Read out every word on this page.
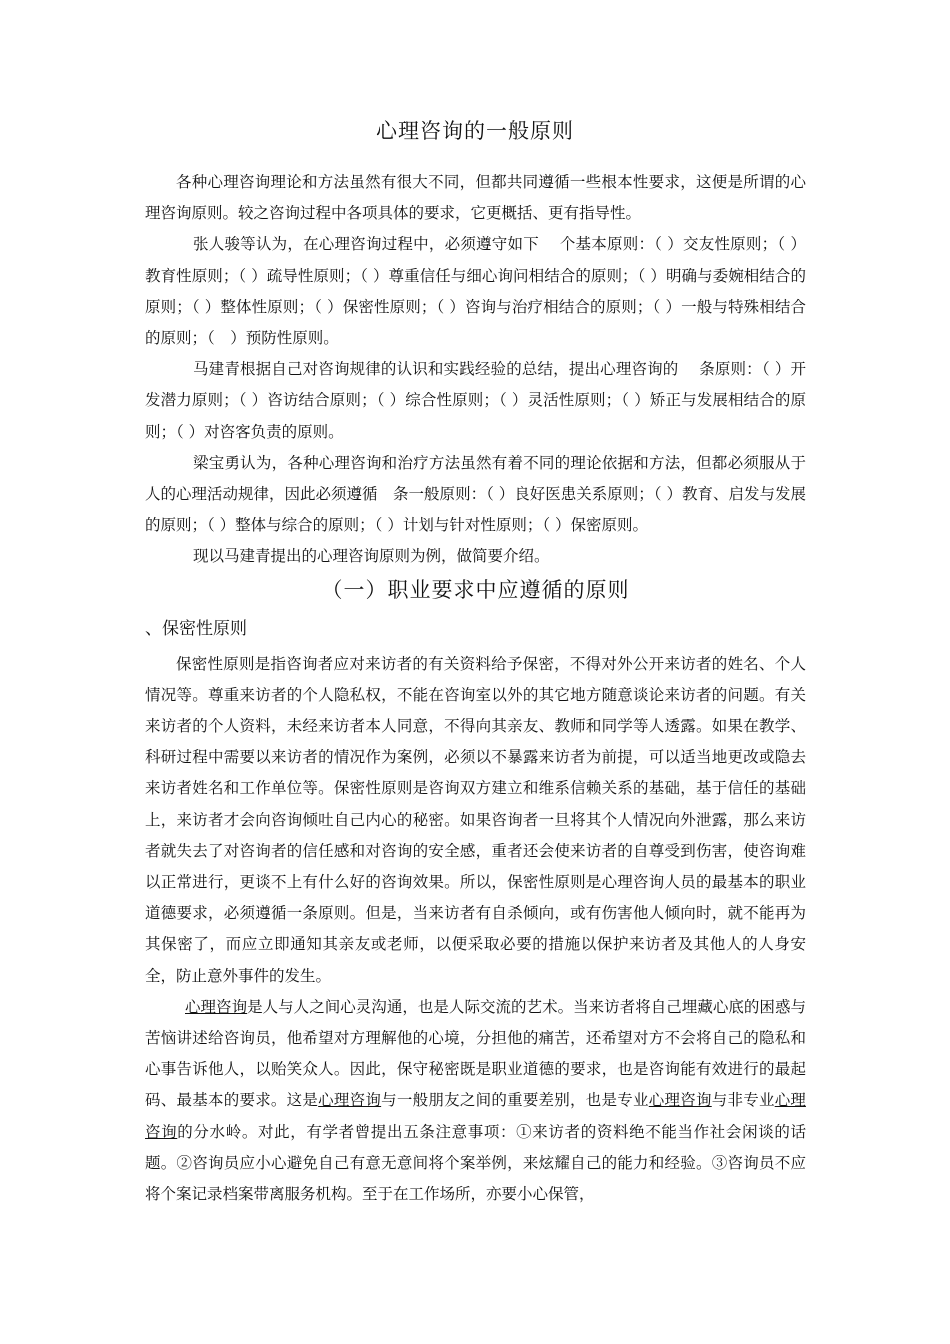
心理咨询的一般原则

各种心理咨询理论和方法虽然有很大不同，但都共同遵循一些根本性要求，这便是所谓的心理咨询原则。较之咨询过程中各项具体的要求，它更概括、更有指导性。

张人骏等认为，在心理咨询过程中，必须遵守如下　 个基本原则：（ ）交友性原则；（ ）教育性原则；（ ）疏导性原则；（ ）尊重信任与细心询问相结合的原则；（ ）明确与委婉相结合的原则；（ ）整体性原则；（ ）保密性原则；（ ）咨询与治疗相结合的原则；（ ）一般与特殊相结合的原则；（　）预防性原则。

马建青根据自己对咨询规律的认识和实践经验的总结，提出心理咨询的　 条原则：（ ）开发潜力原则；（ ）咨访结合原则；（ ）综合性原则；（ ）灵活性原则；（ ）矫正与发展相结合的原则；（ ）对咨客负责的原则。

梁宝勇认为，各种心理咨询和治疗方法虽然有着不同的理论依据和方法，但都必须服从于人的心理活动规律，因此必须遵循　条一般原则：（ ）良好医患关系原则；（ ）教育、启发与发展的原则；（ ）整体与综合的原则；（ ）计划与针对性原则；（ ）保密原则。

现以马建青提出的心理咨询原则为例，做简要介绍。

（一）职业要求中应遵循的原则

、保密性原则

保密性原则是指咨询者应对来访者的有关资料给予保密，不得对外公开来访者的姓名、个人情况等。尊重来访者的个人隐私权，不能在咨询室以外的其它地方随意谈论来访者的问题。有关来访者的个人资料，未经来访者本人同意，不得向其亲友、教师和同学等人透露。如果在教学、科研过程中需要以来访者的情况作为案例，必须以不暴露来访者为前提，可以适当地更改或隐去来访者姓名和工作单位等。保密性原则是咨询双方建立和维系信赖关系的基础，基于信任的基础上，来访者才会向咨询倾吐自己内心的秘密。如果咨询者一旦将其个人情况向外泄露，那么来访者就失去了对咨询者的信任感和对咨询的安全感，重者还会使来访者的自尊受到伤害，使咨询难以正常进行，更谈不上有什么好的咨询效果。所以，保密性原则是心理咨询人员的最基本的职业道德要求，必须遵循一条原则。但是，当来访者有自杀倾向，或有伤害他人倾向时，就不能再为其保密了，而应立即通知其亲友或老师，以便采取必要的措施以保护来访者及其他人的人身安全，防止意外事件的发生。

心理咨询是人与人之间心灵沟通，也是人际交流的艺术。当来访者将自己埋藏心底的困惑与苦恼讲述给咨询员，他希望对方理解他的心境，分担他的痛苦，还希望对方不会将自己的隐私和心事告诉他人，以贻笑众人。因此，保守秘密既是职业道德的要求，也是咨询能有效进行的最起码、最基本的要求。这是心理咨询与一般朋友之间的重要差别，也是专业心理咨询与非专业心理咨询的分水岭。对此，有学者曾提出五条注意事项：①来访者的资料绝不能当作社会闲谈的话题。②咨询员应小心避免自己有意无意间将个案举例，来炫耀自己的能力和经验。③咨询员不应将个案记录档案带离服务机构。至于在工作场所，亦要小心保管，
